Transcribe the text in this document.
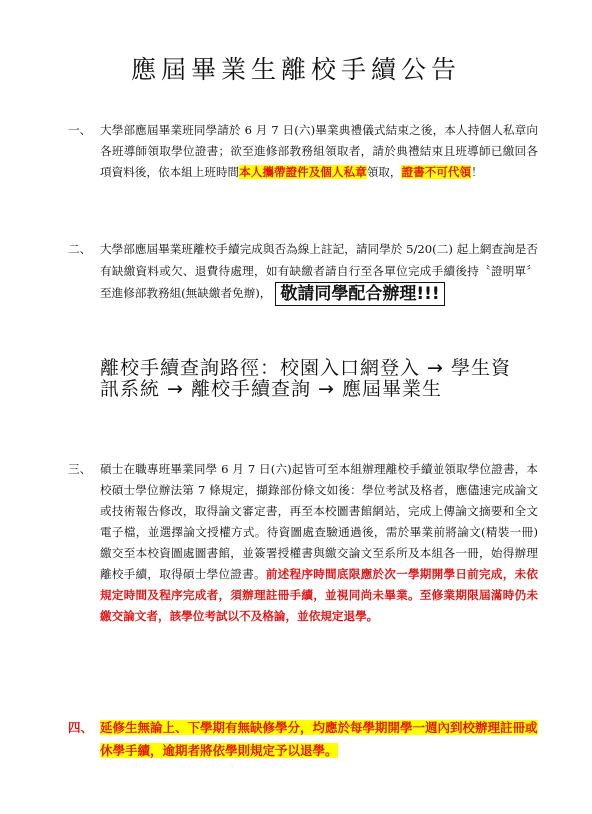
應屆畢業生離校手續公告
一、 大學部應屆畢業班同學請於 6 月 7 日(六)畢業典禮儀式結束之後，本人持個人私章向各班導師領取學位證書；欲至進修部教務組領取者，請於典禮結束且班導師已繳回各項資料後，依本組上班時間本人攜帶證件及個人私章領取，證書不可代領！
二、 大學部應屆畢業班離校手續完成與否為線上註記，請同學於 5/20(二) 起上網查詢是否有缺繳資料或欠、退費待處理，如有缺繳者請自行至各單位完成手續後持〝證明單〞至進修部教務組(無缺繳者免辦)， 敬請同學配合辦理!!!
離校手續查詢路徑：校園入口網登入 → 學生資訊系統 → 離校手續查詢 → 應屆畢業生
三、 碩士在職專班畢業同學 6 月 7 日(六)起皆可至本組辦理離校手續並領取學位證書，本校碩士學位辦法第 7 條規定，擷錄部份條文如後：學位考試及格者，應儘速完成論文或技術報告修改，取得論文審定書，再至本校圖書館網站，完成上傳論文摘要和全文電子檔，並選擇論文授權方式。待資圖處查驗通過後，需於畢業前將論文(精裝一冊)繳交至本校資圖處圖書館，並簽署授權書與繳交論文至系所及本組各一冊，始得辦理離校手續，取得碩士學位證書。前述程序時間底限應於次一學期開學日前完成，未依規定時間及程序完成者，須辦理註冊手續，並視同尚未畢業。至修業期限屆滿時仍未繳交論文者，該學位考試以不及格論，並依規定退學。
四、 延修生無論上、下學期有無缺修學分，均應於每學期開學一週內到校辦理註冊或休學手續，逾期者將依學則規定予以退學。
